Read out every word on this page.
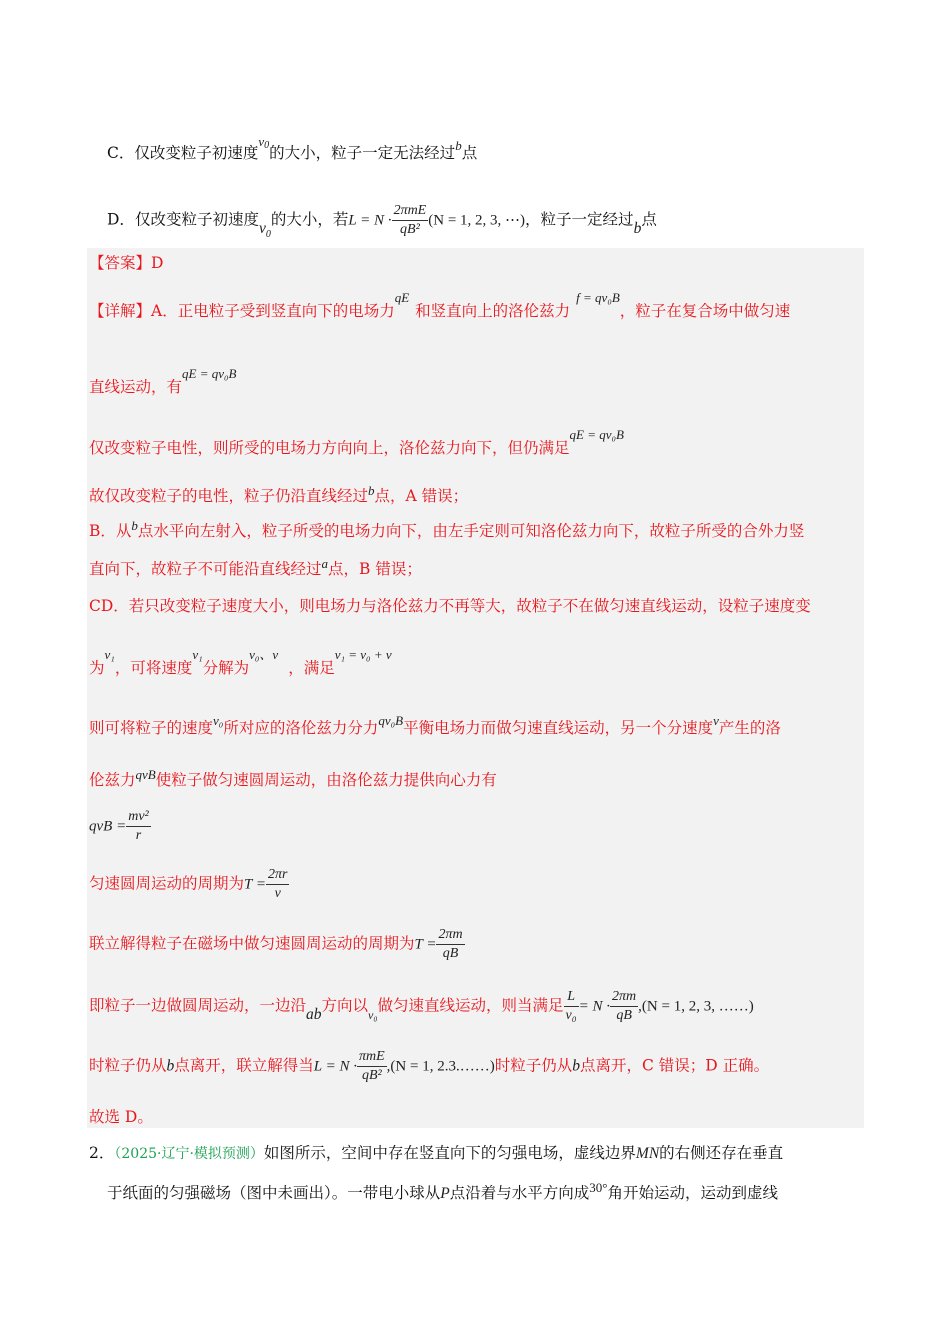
C．仅改变粒子初速度$^{v0}$的大小，粒子一定无法经过$^b$点
D．仅改变粒子初速度$v_0$的大小，若$L = N \cdot \frac{\text{2πmE}}{\text{qB²}} (N = 1$, 2, 3, ⋯)，粒子一定经过b点
【答案】D
【详解】A．正电粒子受到竖直向下的电场力$^{qE}$和竖直向上的洛伦兹力$^{f = qv_0B}$，粒子在复合场中做匀速
直线运动，有$^{qE = qv_0B}$
仅改变粒子电性，则所受的电场力方向向上，洛伦兹力向下，但仍满足$^{qE = qv_0B}$
故仅改变粒子的电性，粒子仍沿直线经过$^b$点，A 错误；
B．从$^b$点水平向左射入，粒子所受的电场力向下，由左手定则可知洛伦兹力向下，故粒子所受的合外力竖
直向下，故粒子不可能沿直线经过$^a$点，B 错误；
CD．若只改变粒子速度大小，则电场力与洛伦兹力不再等大，故粒子不在做匀速直线运动，设粒子速度变
为$^{v_1}$，可将速度$^{v_1}$分解为$^{v_0、v}$，满足$^{v_1 = v_0 + v}$
则可将粒子的速度$^{v_0}$所对应的洛伦兹力分力$^{qv_0B}$平衡电场力而做匀速直线运动，另一个分速度$^v$产生的洛
伦兹力$^{qvB}$使粒子做匀速圆周运动，由洛伦兹力提供向心力有
qvB = $\frac{\text{mv²}}{r}$
匀速圆周运动的周期为$T = \frac{2\pi r}{v}$
联立解得粒子在磁场中做匀速圆周运动的周期为$T = \frac{2\pi m}{qB}$
即粒子一边做圆周运动，一边沿ab方向以$_{v_0}$做匀速直线运动，则当满足 $\frac{L}{\text{v₀}} = N \cdot \frac{2\pi m}{qB} ,(N = 1$, 2, 3, ……)
时粒子仍从b点离开，联立解得当$L = N \cdot \frac{\text{πmE}}{\text{qB²}} ,(N = 1$, 2.3.……)时粒子仍从b点离开，C 错误；D 正确。
故选 D。
2．（2025·辽宁·模拟预测）如图所示，空间中存在竖直向下的匀强电场，虚线边界MN的右侧还存在垂直
于纸面的匀强磁场（图中未画出）。一带电小球从P点沿着与水平方向成$^{30^\circ}$角开始运动，运动到虚线
